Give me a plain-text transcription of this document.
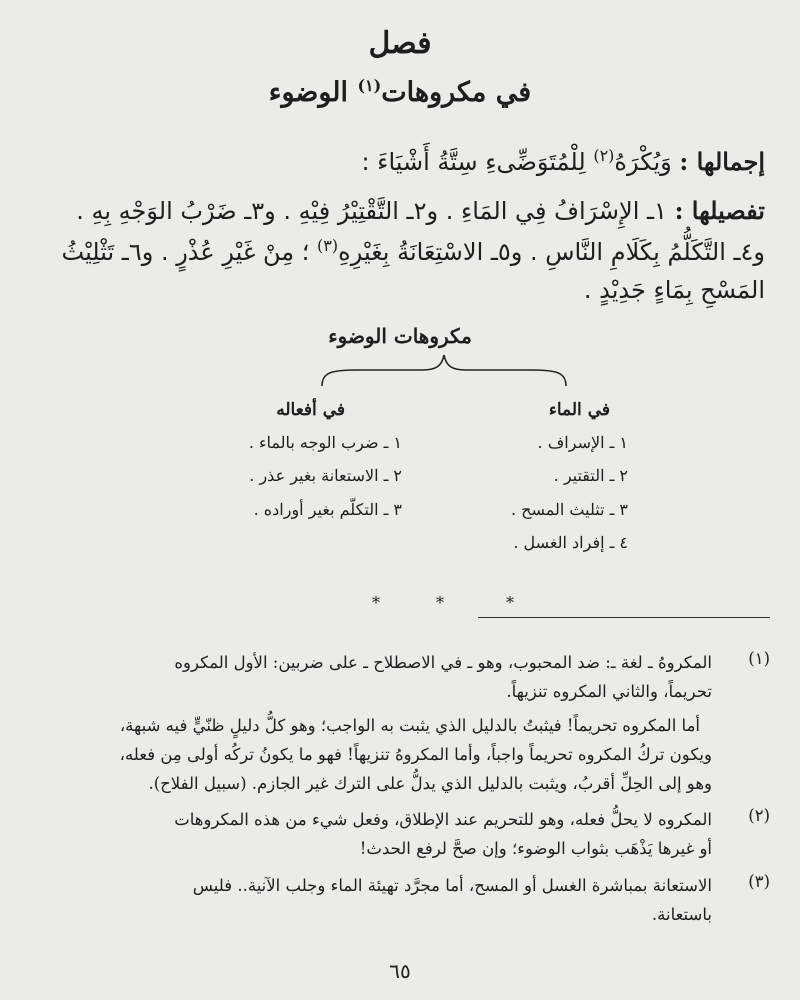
فصل
في مكروهات$^{(١)}$ الوضوء
إجمالها : وَيُكْرَهُ$^{(٢)}$ لِلْمُتَوَضِّىءِ سِتَّةُ أَشْيَاءَ :
تفصيلها : ١ـ الإِسْرَافُ فِي المَاءِ . و٢ـ التَّقْتِيْرُ فِيْهِ . و٣ـ ضَرْبُ الوَجْهِ بِهِ .
و٤ـ التَّكَلُّمُ بِكَلَامِ النَّاسِ . و٥ـ الاسْتِعَانَةُ بِغَيْرِهِ$^{(٣)}$ ؛ مِنْ غَيْرِ عُذْرٍ . و٦ـ تَثْلِيْثُ
المَسْحِ بِمَاءٍ جَدِيْدٍ .
مكروهات الوضوء
في الماء
في أفعاله
١ ـ الإسراف .
٢ ـ التقتير .
٣ ـ تثليث المسح .
٤ ـ إفراد الغسل .
١ ـ ضرب الوجه بالماء .
٢ ـ الاستعانة بغير عذر .
٣ ـ التكلّم بغير أوراده .
*	*	*
(١)
المكروهُ ـ لغة ـ: ضد المحبوب، وهو ـ في الاصطلاح ـ على ضربين: الأول المكروه
تحريماً، والثاني المكروه تنزيهاً.
أما المكروه تحريماً! فيثبتُ بالدليل الذي يثبت به الواجب؛ وهو كلُّ دليلٍ ظنّيٍّ فيه شبهة،
ويكون تركُ المكروه تحريماً واجباً، وأما المكروهُ تنزيهاً! فهو ما يكونُ تركُه أولى مِن فعله،
وهو إلى الحِلِّ أقربُ، ويثبت بالدليل الذي يدلُّ على الترك غير الجازم. (سبيل الفلاح).
(٢)
المكروه لا يحلُّ فعله، وهو للتحريم عند الإطلاق، وفعل شيء من هذه المكروهات
أو غيرها يَذْهَب بثواب الوضوء؛ وإن صحَّ لرفع الحدث!
(٣)
الاستعانة بمباشرة الغسل أو المسح، أما مجرَّد تهيئة الماء وجلب الآنية.. فليس
باستعانة.
٦٥
